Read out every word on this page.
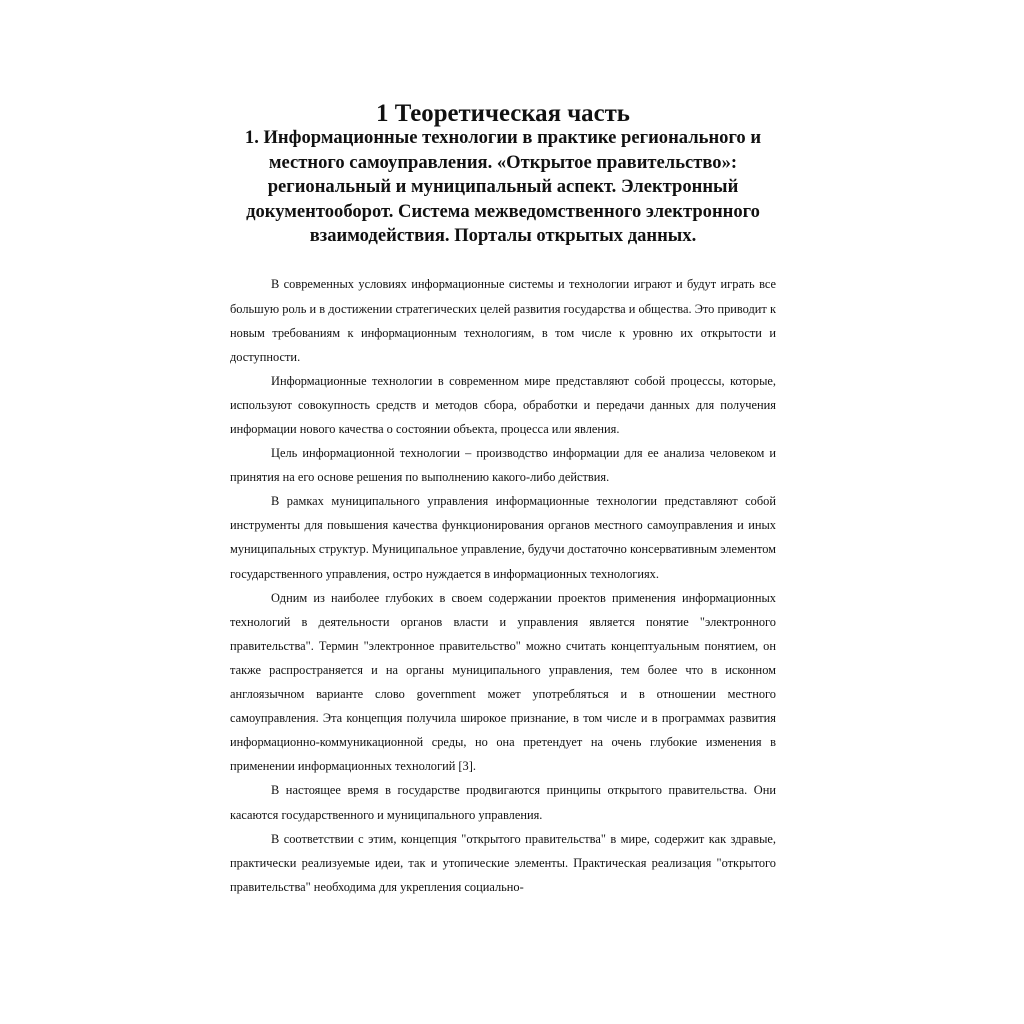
1 Теоретическая часть
1. Информационные технологии в практике регионального и местного самоуправления. «Открытое правительство»: региональный и муниципальный аспект. Электронный документооборот. Система межведомственного электронного взаимодействия. Порталы открытых данных.

В современных условиях информационные системы и технологии играют и будут играть все большую роль и в достижении стратегических целей развития государства и общества. Это приводит к новым требованиям к информационным технологиям, в том числе к уровню их открытости и доступности.

Информационные технологии в современном мире представляют собой процессы, которые, используют совокупность средств и методов сбора, обработки и передачи данных для получения информации нового качества о состоянии объекта, процесса или явления.

Цель информационной технологии – производство информации для ее анализа человеком и принятия на его основе решения по выполнению какого-либо действия.

В рамках муниципального управления информационные технологии представляют собой инструменты для повышения качества функционирования органов местного самоуправления и иных муниципальных структур. Муниципальное управление, будучи достаточно консервативным элементом государственного управления, остро нуждается в информационных технологиях.

Одним из наиболее глубоких в своем содержании проектов применения информационных технологий в деятельности органов власти и управления является понятие "электронного правительства". Термин "электронное правительство" можно считать концептуальным понятием, он также распространяется и на органы муниципального управления, тем более что в исконном англоязычном варианте слово government может употребляться и в отношении местного самоуправления. Эта концепция получила широкое признание, в том числе и в программах развития информационно-коммуникационной среды, но она претендует на очень глубокие изменения в применении информационных технологий [3].

В настоящее время в государстве продвигаются принципы открытого правительства. Они касаются государственного и муниципального управления.

В соответствии с этим, концепция "открытого правительства" в мире, содержит как здравые, практически реализуемые идеи, так и утопические элементы. Практическая реализация "открытого правительства" необходима для укрепления социально-
